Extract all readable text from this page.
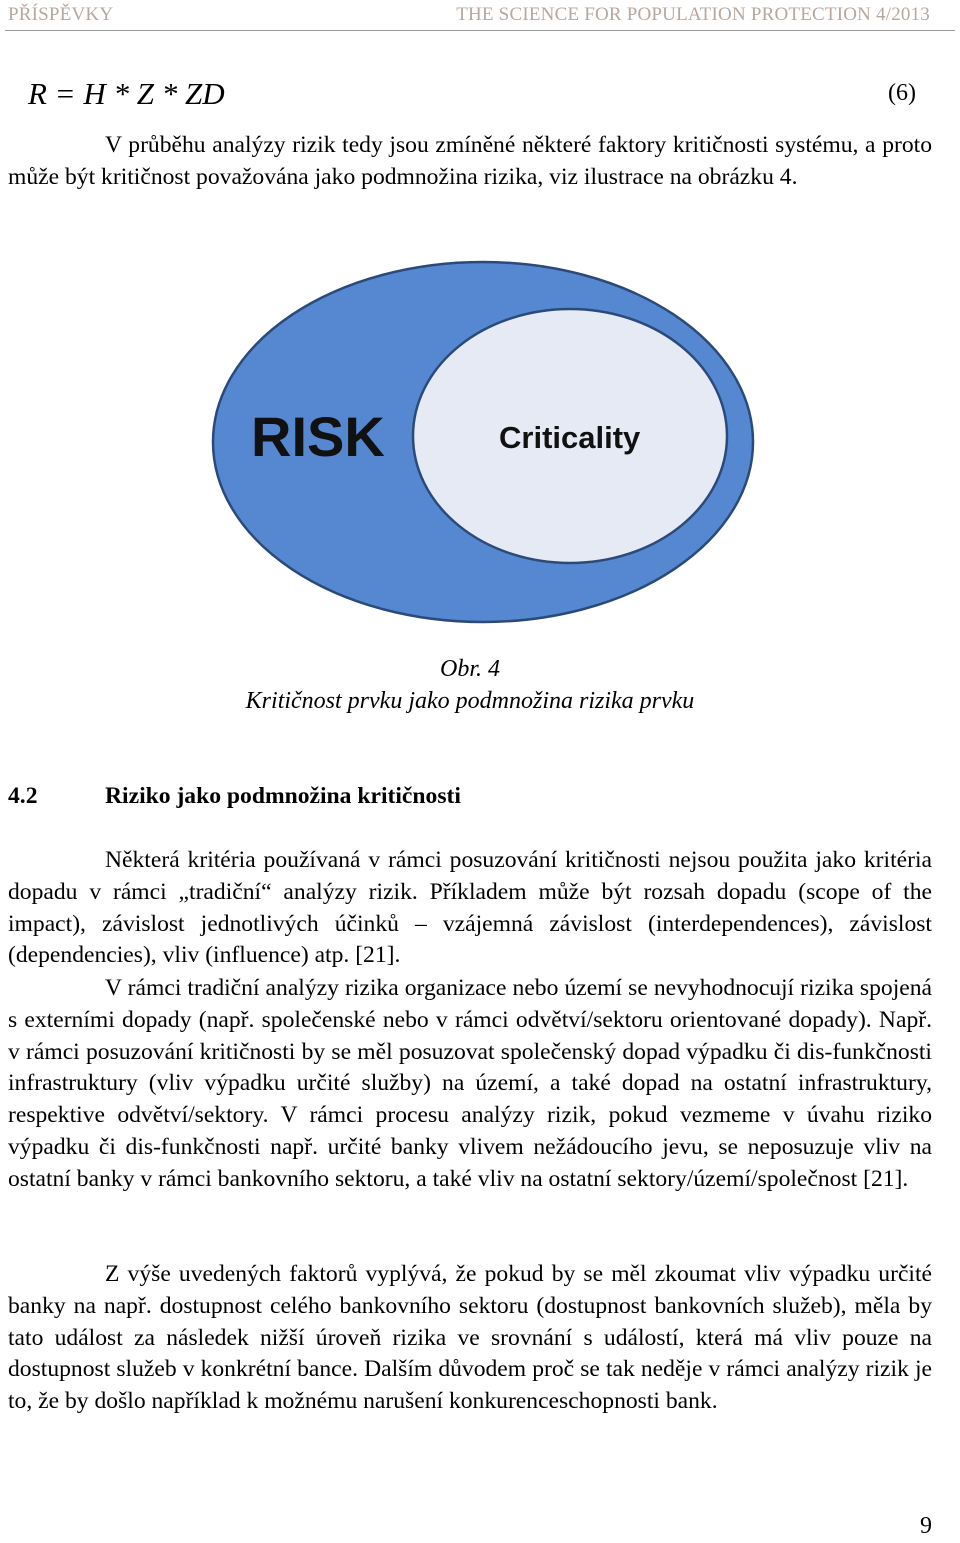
PŘÍSPĚVKY	THE SCIENCE FOR POPULATION PROTECTION 4/2013
R = H * Z * ZD	(6)
V průběhu analýzy rizik tedy jsou zmíněné některé faktory kritičnosti systému, a proto může být kritičnost považována jako podmnožina rizika, viz ilustrace na obrázku 4.
RISK	Criticality
Obr. 4
Kritičnost prvku jako podmnožina rizika prvku
4.2	Riziko jako podmnožina kritičnosti
Některá kritéria používaná v rámci posuzování kritičnosti nejsou použita jako kritéria dopadu v rámci „tradiční“ analýzy rizik. Příkladem může být rozsah dopadu (scope of the impact), závislost jednotlivých účinků – vzájemná závislost (interdependences), závislost (dependencies), vliv (influence) atp. [21].
V rámci tradiční analýzy rizika organizace nebo území se nevyhodnocují rizika spojená s externími dopady (např. společenské nebo v rámci odvětví/sektoru orientované dopady). Např. v rámci posuzování kritičnosti by se měl posuzovat společenský dopad výpadku či dis-funkčnosti infrastruktury (vliv výpadku určité služby) na území, a také dopad na ostatní infrastruktury, respektive odvětví/sektory. V rámci procesu analýzy rizik, pokud vezmeme v úvahu riziko výpadku či dis-funkčnosti např. určité banky vlivem nežádoucího jevu, se neposuzuje vliv na ostatní banky v rámci bankovního sektoru, a také vliv na ostatní sektory/území/společnost [21].
Z výše uvedených faktorů vyplývá, že pokud by se měl zkoumat vliv výpadku určité banky na např. dostupnost celého bankovního sektoru (dostupnost bankovních služeb), měla by tato událost za následek nižší úroveň rizika ve srovnání s událostí, která má vliv pouze na dostupnost služeb v konkrétní bance. Dalším důvodem proč se tak neděje v rámci analýzy rizik je to, že by došlo například k možnému narušení konkurenceschopnosti bank.
9
